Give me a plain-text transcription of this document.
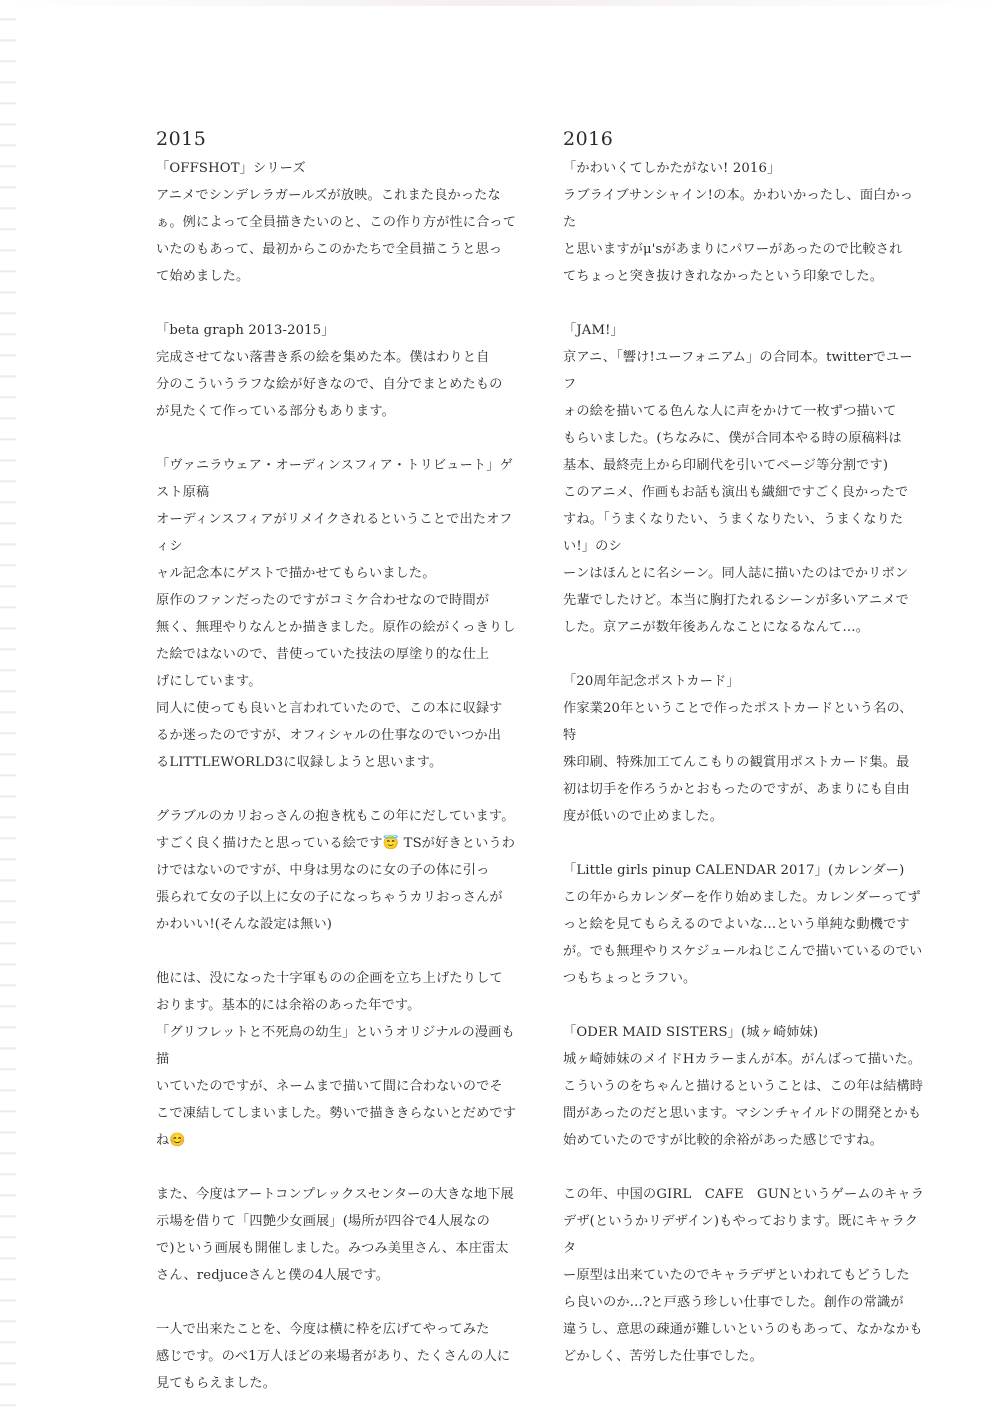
2015

「OFFSHOT」シリーズ

アニメでシンデレラガールズが放映。これまた良かったな
ぁ。例によって全員描きたいのと、この作り方が性に合って
いたのもあって、最初からこのかたちで全員描こうと思っ
て始めました。

「beta graph 2013-2015」

完成させてない落書き系の絵を集めた本。僕はわりと自
分のこういうラフな絵が好きなので、自分でまとめたもの
が見たくて作っている部分もあります。

「ヴァニラウェア・オーディンスフィア・トリビュート」ゲスト原稿

オーディンスフィアがリメイクされるということで出たオフィシ
ャル記念本にゲストで描かせてもらいました。
原作のファンだったのですがコミケ合わせなので時間が
無く、無理やりなんとか描きました。原作の絵がくっきりし
た絵ではないので、昔使っていた技法の厚塗り的な仕上
げにしています。
同人に使っても良いと言われていたので、この本に収録す
るか迷ったのですが、オフィシャルの仕事なのでいつか出
るLITTLEWORLD3に収録しようと思います。

グラブルのカリおっさんの抱き枕もこの年にだしています。
すごく良く描けたと思っている絵です😇 TSが好きというわ
けではないのですが、中身は男なのに女の子の体に引っ
張られて女の子以上に女の子になっちゃうカリおっさんが
かわいい!(そんな設定は無い)

他には、没になった十字軍ものの企画を立ち上げたりして
おります。基本的には余裕のあった年です。
「グリフレットと不死鳥の幼生」というオリジナルの漫画も描
いていたのですが、ネームまで描いて間に合わないのでそ
こで凍結してしまいました。勢いで描ききらないとだめです
ね😊

また、今度はアートコンプレックスセンターの大きな地下展
示場を借りて「四艶少女画展」(場所が四谷で4人展なの
で)という画展も開催しました。みつみ美里さん、本庄雷太
さん、redjuceさんと僕の4人展です。

一人で出来たことを、今度は横に枠を広げてやってみた
感じです。のべ1万人ほどの来場者があり、たくさんの人に
見てもらえました。

2016

「かわいくてしかたがない! 2016」

ラブライブサンシャイン!の本。かわいかったし、面白かった
と思いますがμ'sがあまりにパワーがあったので比較され
てちょっと突き抜けきれなかったという印象でした。

「JAM!」

京アニ、「響け!ユーフォニアム」の合同本。twitterでユーフ
ォの絵を描いてる色んな人に声をかけて一枚ずつ描いて
もらいました。(ちなみに、僕が合同本やる時の原稿料は
基本、最終売上から印刷代を引いてページ等分割です)
このアニメ、作画もお話も演出も繊細ですごく良かったで
すね。「うまくなりたい、うまくなりたい、うまくなりたい!」のシ
ーンはほんとに名シーン。同人誌に描いたのはでかリボン
先輩でしたけど。本当に胸打たれるシーンが多いアニメで
した。京アニが数年後あんなことになるなんて…。

「20周年記念ポストカード」

作家業20年ということで作ったポストカードという名の、特
殊印刷、特殊加工てんこもりの観賞用ポストカード集。最
初は切手を作ろうかとおもったのですが、あまりにも自由
度が低いので止めました。

「Little girls pinup CALENDAR 2017」(カレンダー)

この年からカレンダーを作り始めました。カレンダーってず
っと絵を見てもらえるのでよいな…という単純な動機です
が。でも無理やりスケジュールねじこんで描いているのでい
つもちょっとラフい。

「ODER MAID SISTERS」(城ヶ崎姉妹)

城ヶ崎姉妹のメイドHカラーまんが本。がんばって描いた。
こういうのをちゃんと描けるということは、この年は結構時
間があったのだと思います。マシンチャイルドの開発とかも
始めていたのですが比較的余裕があった感じですね。

この年、中国のGIRL　CAFE　GUNというゲームのキャラ
デザ(というかリデザイン)もやっております。既にキャラクタ
ー原型は出来ていたのでキャラデザといわれてもどうした
ら良いのか…?と戸惑う珍しい仕事でした。創作の常識が
違うし、意思の疎通が難しいというのもあって、なかなかも
どかしく、苦労した仕事でした。
